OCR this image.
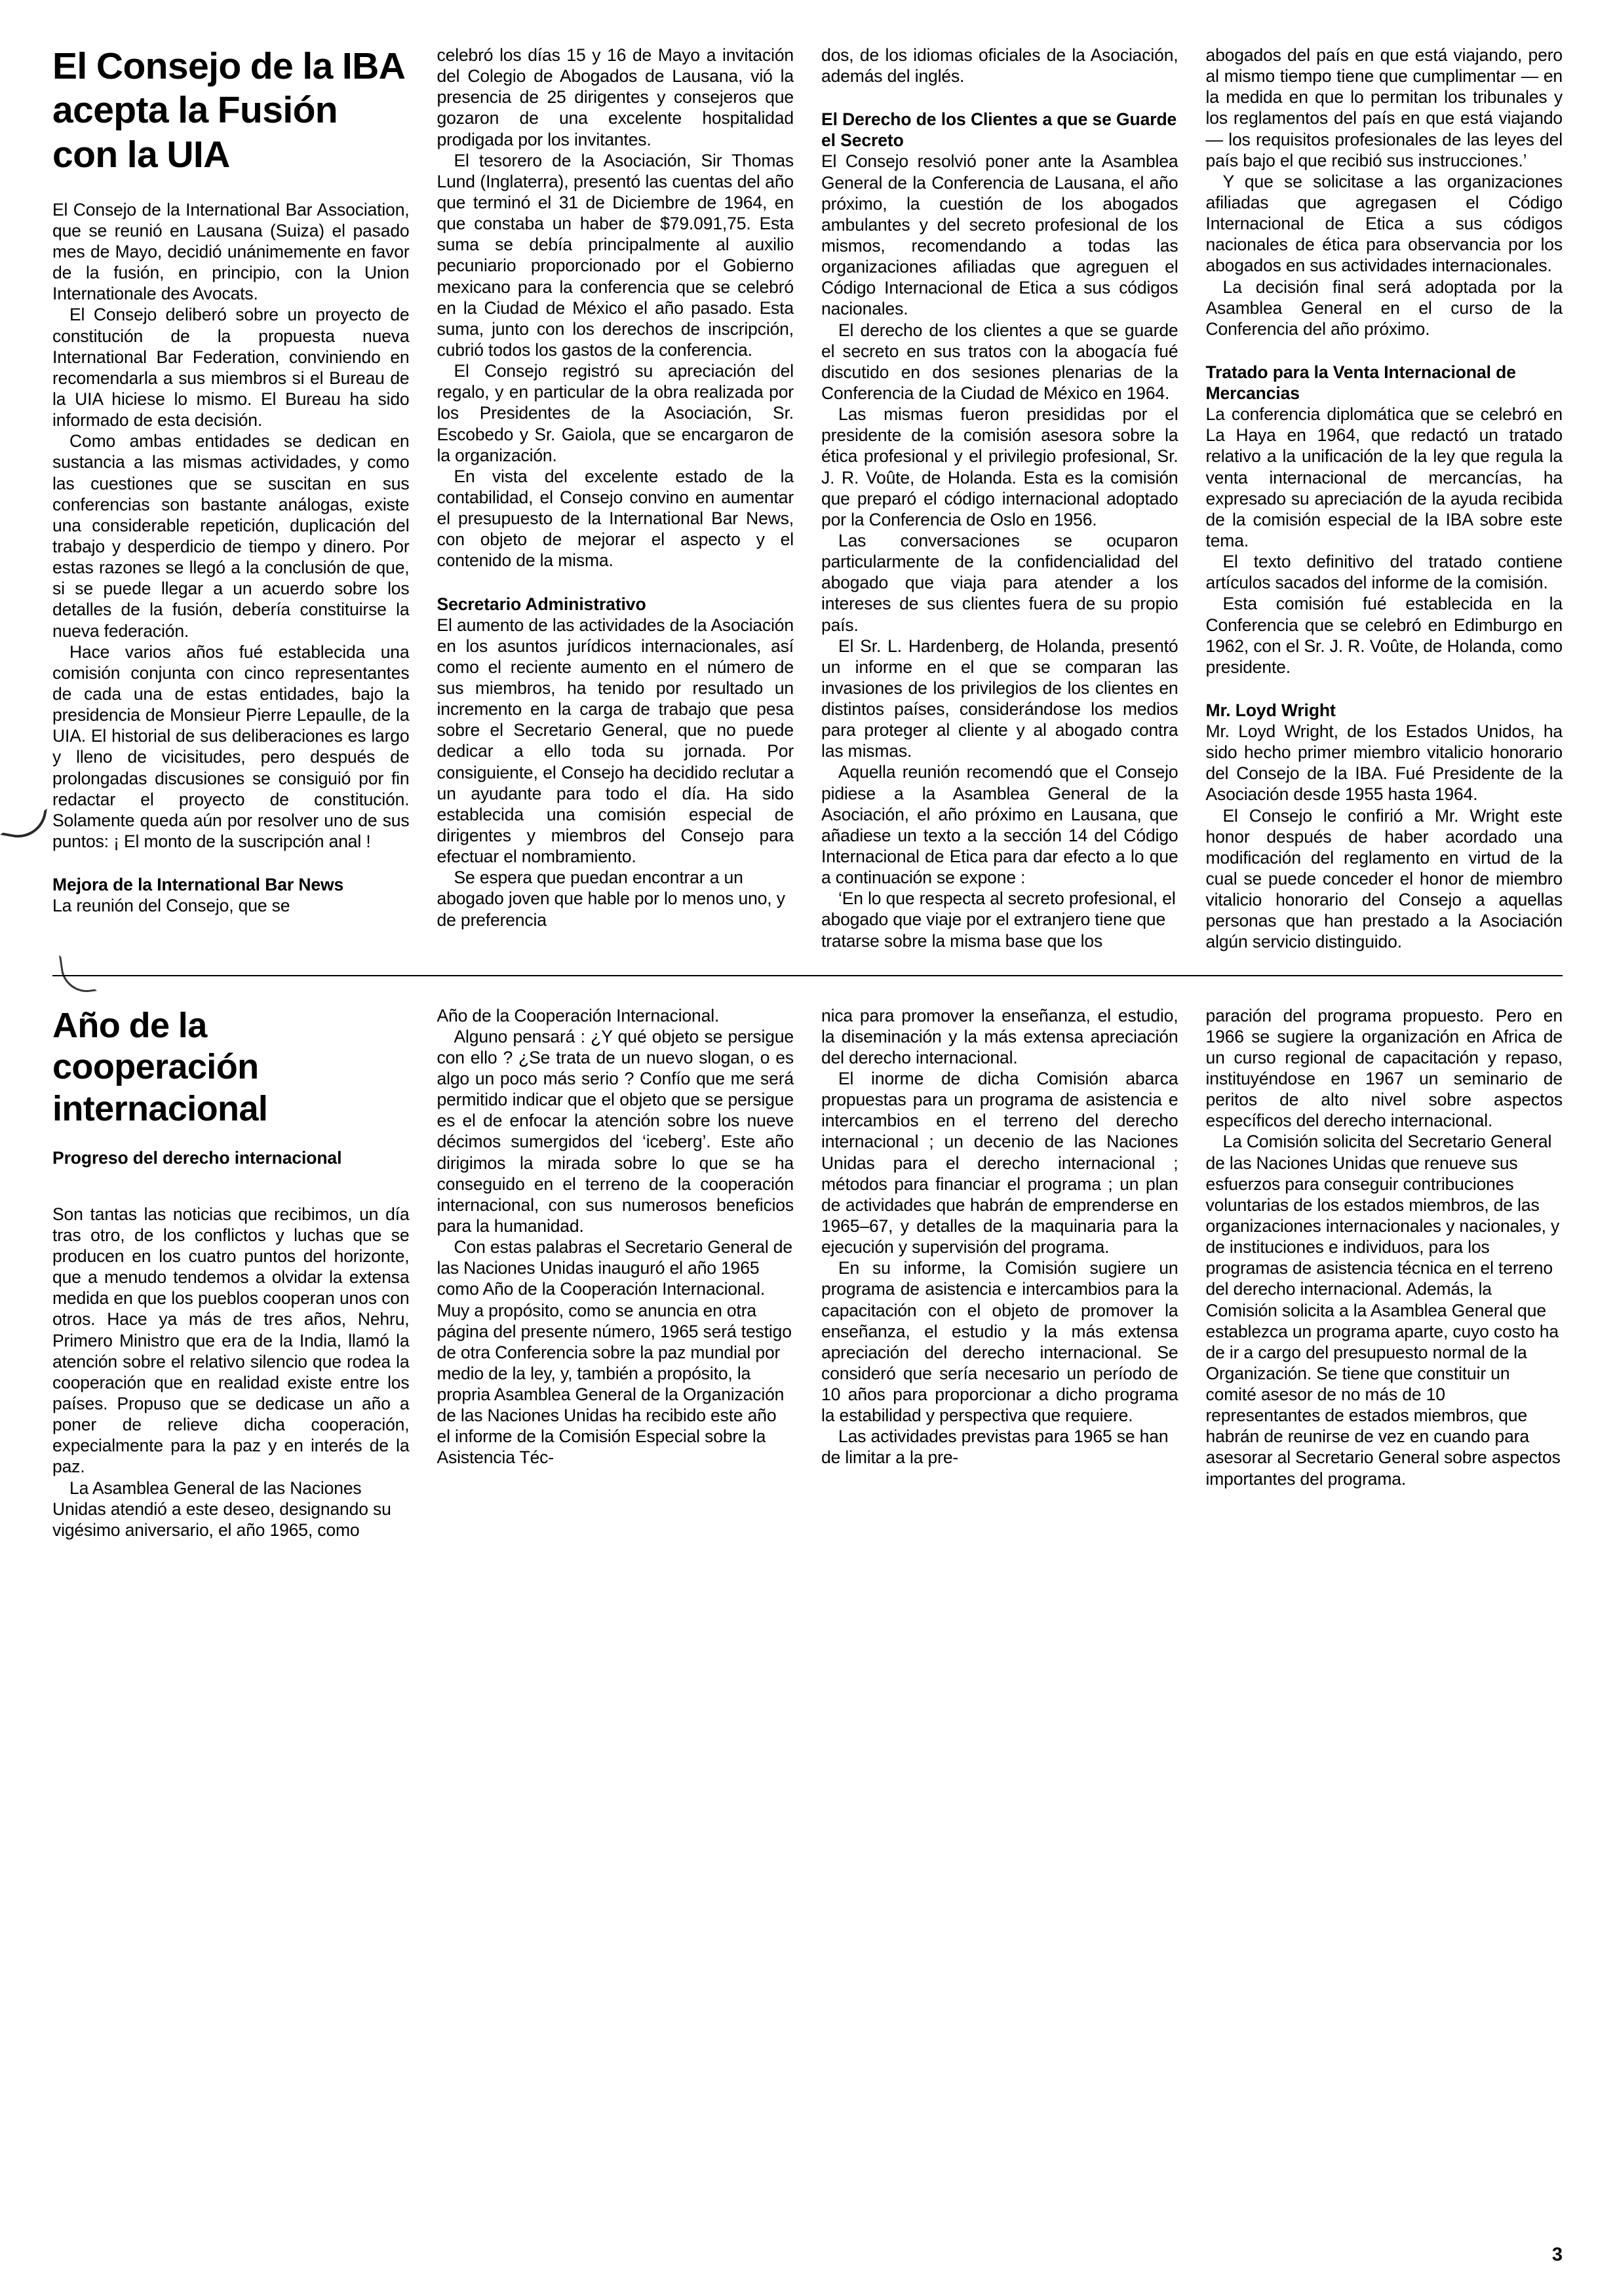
El Consejo de la IBA acepta la Fusión con la UIA

El Consejo de la International Bar Association, que se reunió en Lausana (Suiza) el pasado mes de Mayo, decidió unánimemente en favor de la fusión, en principio, con la Union Internationale des Avocats.

El Consejo deliberó sobre un proyecto de constitución de la propuesta nueva International Bar Federation, conviniendo en recomendarla a sus miembros si el Bureau de la UIA hiciese lo mismo. El Bureau ha sido informado de esta decisión.

Como ambas entidades se dedican en sustancia a las mismas actividades, y como las cuestiones que se suscitan en sus conferencias son bastante análogas, existe una considerable repetición, duplicación del trabajo y desperdicio de tiempo y dinero. Por estas razones se llegó a la conclusión de que, si se puede llegar a un acuerdo sobre los detalles de la fusión, debería constituirse la nueva federación.

Hace varios años fué establecida una comisión conjunta con cinco representantes de cada una de estas entidades, bajo la presidencia de Monsieur Pierre Lepaulle, de la UIA. El historial de sus deliberaciones es largo y lleno de vicisitudes, pero después de prolongadas discusiones se consiguió por fin redactar el proyecto de constitución. Solamente queda aún por resolver uno de sus puntos: ¡ El monto de la suscripción anal !

Mejora de la International Bar News

La reunión del Consejo, que se

celebró los días 15 y 16 de Mayo a invitación del Colegio de Abogados de Lausana, vió la presencia de 25 dirigentes y consejeros que gozaron de una excelente hospitalidad prodigada por los invitantes.

El tesorero de la Asociación, Sir Thomas Lund (Inglaterra), presentó las cuentas del año que terminó el 31 de Diciembre de 1964, en que constaba un haber de $79.091,75. Esta suma se debía principalmente al auxilio pecuniario proporcionado por el Gobierno mexicano para la conferencia que se celebró en la Ciudad de México el año pasado. Esta suma, junto con los derechos de inscripción, cubrió todos los gastos de la conferencia.

El Consejo registró su apreciación del regalo, y en particular de la obra realizada por los Presidentes de la Asociación, Sr. Escobedo y Sr. Gaiola, que se encargaron de la organización.

En vista del excelente estado de la contabilidad, el Consejo convino en aumentar el presupuesto de la International Bar News, con objeto de mejorar el aspecto y el contenido de la misma.

Secretario Administrativo

El aumento de las actividades de la Asociación en los asuntos jurídicos internacionales, así como el reciente aumento en el número de sus miembros, ha tenido por resultado un incremento en la carga de trabajo que pesa sobre el Secretario General, que no puede dedicar a ello toda su jornada. Por consiguiente, el Consejo ha decidido reclutar a un ayudante para todo el día. Ha sido establecida una comisión especial de dirigentes y miembros del Consejo para efectuar el nombramiento.

Se espera que puedan encontrar a un abogado joven que hable por lo menos uno, y de preferencia

dos, de los idiomas oficiales de la Asociación, además del inglés.

El Derecho de los Clientes a que se Guarde el Secreto

El Consejo resolvió poner ante la Asamblea General de la Conferencia de Lausana, el año próximo, la cuestión de los abogados ambulantes y del secreto profesional de los mismos, recomendando a todas las organizaciones afiliadas que agreguen el Código Internacional de Etica a sus códigos nacionales.

El derecho de los clientes a que se guarde el secreto en sus tratos con la abogacía fué discutido en dos sesiones plenarias de la Conferencia de la Ciudad de México en 1964.

Las mismas fueron presididas por el presidente de la comisión asesora sobre la ética profesional y el privilegio profesional, Sr. J. R. Voûte, de Holanda. Esta es la comisión que preparó el código internacional adoptado por la Conferencia de Oslo en 1956.

Las conversaciones se ocuparon particularmente de la confidencialidad del abogado que viaja para atender a los intereses de sus clientes fuera de su propio país.

El Sr. L. Hardenberg, de Holanda, presentó un informe en el que se comparan las invasiones de los privilegios de los clientes en distintos países, considerándose los medios para proteger al cliente y al abogado contra las mismas.

Aquella reunión recomendó que el Consejo pidiese a la Asamblea General de la Asociación, el año próximo en Lausana, que añadiese un texto a la sección 14 del Código Internacional de Etica para dar efecto a lo que a continuación se expone :

‘En lo que respecta al secreto profesional, el abogado que viaje por el extranjero tiene que tratarse sobre la misma base que los

abogados del país en que está viajando, pero al mismo tiempo tiene que cumplimentar — en la medida en que lo permitan los tribunales y los reglamentos del país en que está viajando — los requisitos profesionales de las leyes del país bajo el que recibió sus instrucciones.’

Y que se solicitase a las organizaciones afiliadas que agregasen el Código Internacional de Etica a sus códigos nacionales de ética para observancia por los abogados en sus actividades internacionales.

La decisión final será adoptada por la Asamblea General en el curso de la Conferencia del año próximo.

Tratado para la Venta Internacional de Mercancias

La conferencia diplomática que se celebró en La Haya en 1964, que redactó un tratado relativo a la unificación de la ley que regula la venta internacional de mercancías, ha expresado su apreciación de la ayuda recibida de la comisión especial de la IBA sobre este tema.

El texto definitivo del tratado contiene artículos sacados del informe de la comisión.

Esta comisión fué establecida en la Conferencia que se celebró en Edimburgo en 1962, con el Sr. J. R. Voûte, de Holanda, como presidente.

Mr. Loyd Wright

Mr. Loyd Wright, de los Estados Unidos, ha sido hecho primer miembro vitalicio honorario del Consejo de la IBA. Fué Presidente de la Asociación desde 1955 hasta 1964.

El Consejo le confirió a Mr. Wright este honor después de haber acordado una modificación del reglamento en virtud de la cual se puede conceder el honor de miembro vitalicio honorario del Consejo a aquellas personas que han prestado a la Asociación algún servicio distinguido.

Año de la cooperación internacional
Progreso del derecho internacional

Son tantas las noticias que recibimos, un día tras otro, de los conflictos y luchas que se producen en los cuatro puntos del horizonte, que a menudo tendemos a olvidar la extensa medida en que los pueblos cooperan unos con otros. Hace ya más de tres años, Nehru, Primero Ministro que era de la India, llamó la atención sobre el relativo silencio que rodea la cooperación que en realidad existe entre los países. Propuso que se dedicase un año a poner de relieve dicha cooperación, expecialmente para la paz y en interés de la paz.

La Asamblea General de las Naciones Unidas atendió a este deseo, designando su vigésimo aniversario, el año 1965, como

Año de la Cooperación Internacional.

Alguno pensará : ¿Y qué objeto se persigue con ello ? ¿Se trata de un nuevo slogan, o es algo un poco más serio ? Confío que me será permitido indicar que el objeto que se persigue es el de enfocar la atención sobre los nueve décimos sumergidos del ‘iceberg’. Este año dirigimos la mirada sobre lo que se ha conseguido en el terreno de la cooperación internacional, con sus numerosos beneficios para la humanidad.

Con estas palabras el Secretario General de las Naciones Unidas inauguró el año 1965 como Año de la Cooperación Internacional. Muy a propósito, como se anuncia en otra página del presente número, 1965 será testigo de otra Conferencia sobre la paz mundial por medio de la ley, y, también a propósito, la propria Asamblea General de la Organización de las Naciones Unidas ha recibido este año el informe de la Comisión Especial sobre la Asistencia Téc-

nica para promover la enseñanza, el estudio, la diseminación y la más extensa apreciación del derecho internacional.

El inorme de dicha Comisión abarca propuestas para un programa de asistencia e intercambios en el terreno del derecho internacional ; un decenio de las Naciones Unidas para el derecho internacional ; métodos para financiar el programa ; un plan de actividades que habrán de emprenderse en 1965–67, y detalles de la maquinaria para la ejecución y supervisión del programa.

En su informe, la Comisión sugiere un programa de asistencia e intercambios para la capacitación con el objeto de promover la enseñanza, el estudio y la más extensa apreciación del derecho internacional. Se consideró que sería necesario un período de 10 años para proporcionar a dicho programa la estabilidad y perspectiva que requiere.

Las actividades previstas para 1965 se han de limitar a la pre-

paración del programa propuesto. Pero en 1966 se sugiere la organización en Africa de un curso regional de capacitación y repaso, instituyéndose en 1967 un seminario de peritos de alto nivel sobre aspectos específicos del derecho internacional.

La Comisión solicita del Secretario General de las Naciones Unidas que renueve sus esfuerzos para conseguir contribuciones voluntarias de los estados miembros, de las organizaciones internacionales y nacionales, y de instituciones e individuos, para los programas de asistencia técnica en el terreno del derecho internacional. Además, la Comisión solicita a la Asamblea General que establezca un programa aparte, cuyo costo ha de ir a cargo del presupuesto normal de la Organización. Se tiene que constituir un comité asesor de no más de 10 representantes de estados miembros, que habrán de reunirse de vez en cuando para asesorar al Secretario General sobre aspectos importantes del programa.

3
